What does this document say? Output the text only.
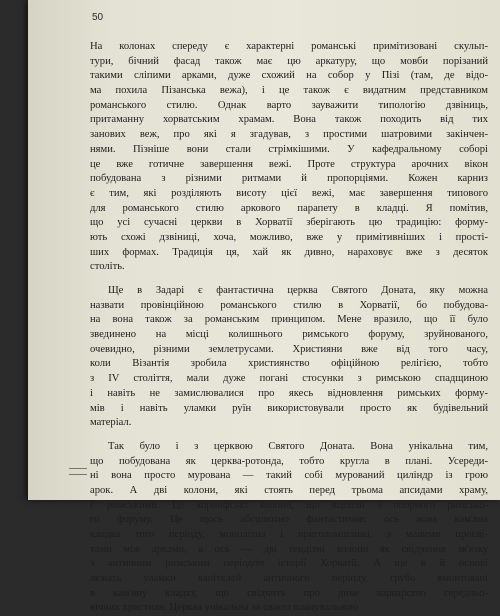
50

На колонах спереду є характерні романські примітизовані скульп-
тури, бічний фасад також має цю аркатуру, що мовби порізаний
такими сліпими арками, дуже схожий на собор у Пізі (там, де відо-
ма похила Пізанська вежа), і це також є видатним представником
романського стилю. Однак варто зауважити типологію дзвіниць,
притаманну хорватським храмам. Вона також походить від тих
занових веж, про які я згадував, з простими шатровими закінчен-
нями. Пізніше вони стали стрімкішими. У кафедральному соборі
це вже готичне завершення вежі. Проте структура арочних вікон
побудована з різними ритмами й пропорціями. Кожен карниз
є тим, які розділяють висоту цієї вежі, має завершення типового
для романського стилю аркового парапету в кладці. Я помітив,
що усі сучасні церкви в Хорватії зберігають цю традицію: форму-
ють схожі дзвіниці, хоча, можливо, вже у примітивніших і прості-
ших формах. Традиція ця, хай як дивно, нараховує вже з десяток
століть.

Ще в Задарі є фантастична церква Святого Доната, яку можна
назвати провінційною романського стилю в Хорватії, бо побудова-
на вона також за романським принципом. Мене вразило, що її було
звединено на місці колишнього римського форуму, зруйнованого,
очевидно, різними землетрусами. Християни вже від того часу,
коли Візантія зробила християнство офіційною релігією, тобто
з IV століття, мали дуже погані стосунки з римською спадщиною
і навіть не замислювалися про якесь відновлення римських форму-
мів і навіть уламки руїн використовували просто як будівельний
матеріал.

Так було і з церквою Святого Доната. Вона унікальна тим,
що побудована як церква-ротонда, тобто кругла в плані. Усереди-
ні вона просто мурована — такий собі мурований циліндр із грою
арок. А дві колони, які стоять перед трьома апсидами храму,
є римськими. Це коринфські колони, що вціліли з опорного римсько-
го форуму. Це щось абсолютно фантастичне: ось вона кам'яна
кладка того періоду, монолітна і приголомшлива, з малими просві-
тами між арками, а ось — дві тендітні колони як свідчення зв'язку
з античним римським періодом історії Хорватії. А ще в її основі
лежать уламки капітелей античного періоду, грубо вмонтовані
в кам'яну кладку, що свідчить про дике варварство середньо-
вічних християн. Церква унікальна за своєю планувальною
